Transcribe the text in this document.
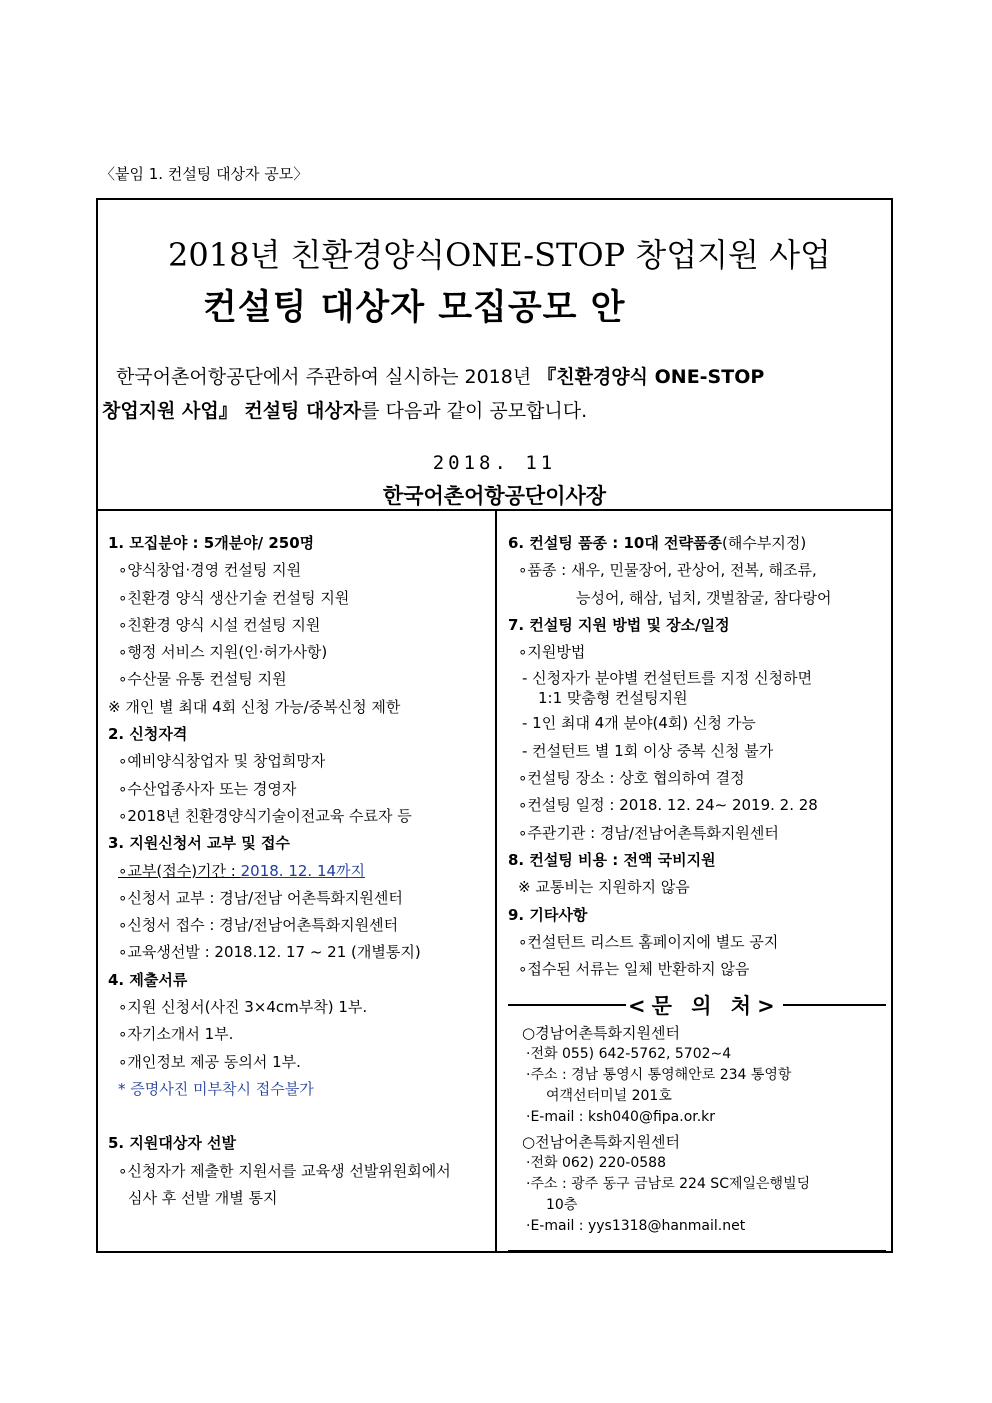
〈붙임 1. 컨설팅 대상자 공모〉
2018년 친환경양식ONE-STOP 창업지원 사업
컨설팅 대상자 모집공모 안
한국어촌어항공단에서 주관하여 실시하는 2018년 『친환경양식 ONE-STOP
창업지원 사업』 컨설팅 대상자를 다음과 같이 공모합니다.
2018. 11
한국어촌어항공단이사장
1. 모집분야 : 5개분야/ 250명
∘양식창업·경영 컨설팅 지원
∘친환경 양식 생산기술 컨설팅 지원
∘친환경 양식 시설 컨설팅 지원
∘행정 서비스 지원(인·허가사항)
∘수산물 유통 컨설팅 지원
※ 개인 별 최대 4회 신청 가능/중복신청 제한
2. 신청자격
∘예비양식창업자 및 창업희망자
∘수산업종사자 또는 경영자
∘2018년 친환경양식기술이전교육 수료자 등
3. 지원신청서 교부 및 접수
∘교부(접수)기간 : 2018. 12. 14까지
∘신청서 교부 : 경남/전남 어촌특화지원센터
∘신청서 접수 : 경남/전남어촌특화지원센터
∘교육생선발 : 2018.12. 17 ~ 21 (개별통지)
4. 제출서류
∘지원 신청서(사진 3×4cm부착) 1부.
∘자기소개서 1부.
∘개인정보 제공 동의서 1부.
* 증명사진 미부착시 접수불가
5. 지원대상자 선발
∘신청자가 제출한 지원서를 교육생 선발위원회에서
심사 후 선발 개별 통지
6. 컨설팅 품종 : 10대 전략품종(해수부지정)
∘품종 : 새우, 민물장어, 관상어, 전복, 해조류,
능성어, 해삼, 넙치, 갯벌참굴, 참다랑어
7. 컨설팅 지원 방법 및 장소/일정
∘지원방법
- 신청자가 분야별 컨설턴트를 지정 신청하면
1:1 맞춤형 컨설팅지원
- 1인 최대 4개 분야(4회) 신청 가능
- 컨설턴트 별 1회 이상 중복 신청 불가
∘컨설팅 장소 : 상호 협의하여 결정
∘컨설팅 일정 : 2018. 12. 24∼ 2019. 2. 28
∘주관기관 : 경남/전남어촌특화지원센터
8. 컨설팅 비용 : 전액 국비지원
※ 교통비는 지원하지 않음
9. 기타사항
∘컨설턴트 리스트 홈페이지에 별도 공지
∘접수된 서류는 일체 반환하지 않음
<문 의 처>
○경남어촌특화지원센터
·전화 055) 642-5762, 5702∼4
·주소 : 경남 통영시 통영해안로 234 통영항
여객선터미널 201호
·E-mail : ksh040@fipa.or.kr
○전남어촌특화지원센터
·전화 062) 220-0588
·주소 : 광주 동구 금남로 224 SC제일은행빌딩
10층
·E-mail : yys1318@hanmail.net
